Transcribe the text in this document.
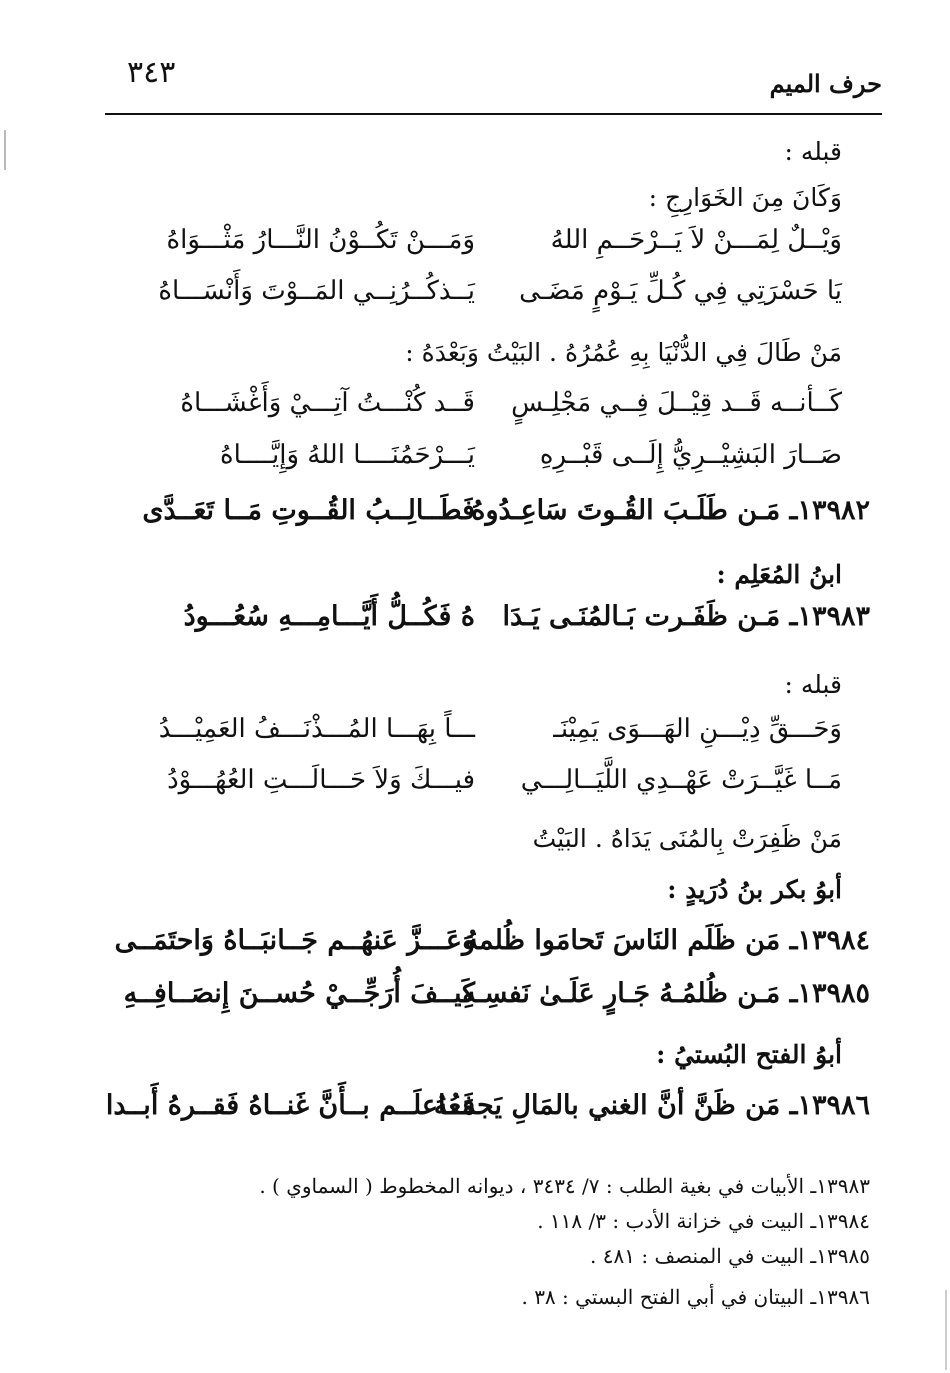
٣٤٣	حرف الميم
قبله :
وَكَانَ مِنَ الخَوَارِجِ :
وَيْــلٌ لِمَـــنْ لاَ يَــرْحَــمِ اللهُ
وَمَـــنْ تَكُــوْنُ النَّـــارُ مَثْـــوَاهُ
يَا حَسْرَتِي فِي كُـلِّ يَـوْمٍ مَضَـى
يَــذكُــرُنِــي المَــوْتَ وَأَنْسَـــاهُ
مَنْ طَالَ فِي الدُّنْيَا بِهِ عُمُرُهُ . البَيْتُ وَبَعْدَهُ :
كَــأنــه قَــد قِيْــلَ فِــي مَجْلِـسٍ
قَــد كُنْـــتُ آتِـــيْ وَأَغْشَـــاهُ
صَــارَ البَشِيْــرِيُّ إِلَــى قَبْــرِهِ
يَـــرْحَمُنَــــا اللهُ وَإِيَّــــاهُ
١٣٩٨٢ـ مَـن طَلَـبَ القُـوتَ سَاعِـدُوهُ
فَطَــالِــبُ القُــوتِ مَــا تَعَــدَّى
ابنُ المُعَلِم :
١٣٩٨٣ـ مَـن ظَفَـرت بَـالمُنَـى يَـدَا
هُ فَكُــلُّ أَيَّـــامِـــهِ سُعُـــودُ
قبله :
وَحَـــقِّ دِيْـــنِ الهَـــوَى يَمِيْنَـ
ـــاً بِهَـــا المُـــذْنَـــفُ العَمِيْـــدُ
مَــا غَيَّــرَتْ عَهْــدِي اللَّيَــالِـــي
فيـــكَ وَلاَ حَـــالَـــتِ العُهُـــوْدُ
مَنْ ظَفِرَتْ بِالمُنَى يَدَاهُ . البَيْتُ
أبوُ بكر بنُ دُرَيدٍ :
١٣٩٨٤ـ مَن ظَلَم النَاسَ تَحامَوا ظُلمهُ
وَعَـــزَّ عَنهُــم جَــانبَــاهُ وَاحتَمَــى
١٣٩٨٥ـ مَـن ظُلمُـهُ جَـارٍ عَلَـىٰ نَفسِـهِ
كَيــفَ أُرَجِّــيْ حُســنَ إِنصَــافِــهِ
أبوُ الفتح البُستيُ :
١٣٩٨٦ـ مَن ظَنَّ أنَّ الغني بالمَالِ يَجمَعُهُ
فَــاعلَــم بــأَنَّ غَنــاهُ فَقــرهُ أَبــدا
١٣٩٨٣ـ الأبيات في بغية الطلب : ٧/ ٣٤٣٤ ، ديوانه المخطوط ( السماوي ) .
١٣٩٨٤ـ البيت في خزانة الأدب : ٣/ ١١٨ .
١٣٩٨٥ـ البيت في المنصف : ٤٨١ .
١٣٩٨٦ـ البيتان في أبي الفتح البستي : ٣٨ .
